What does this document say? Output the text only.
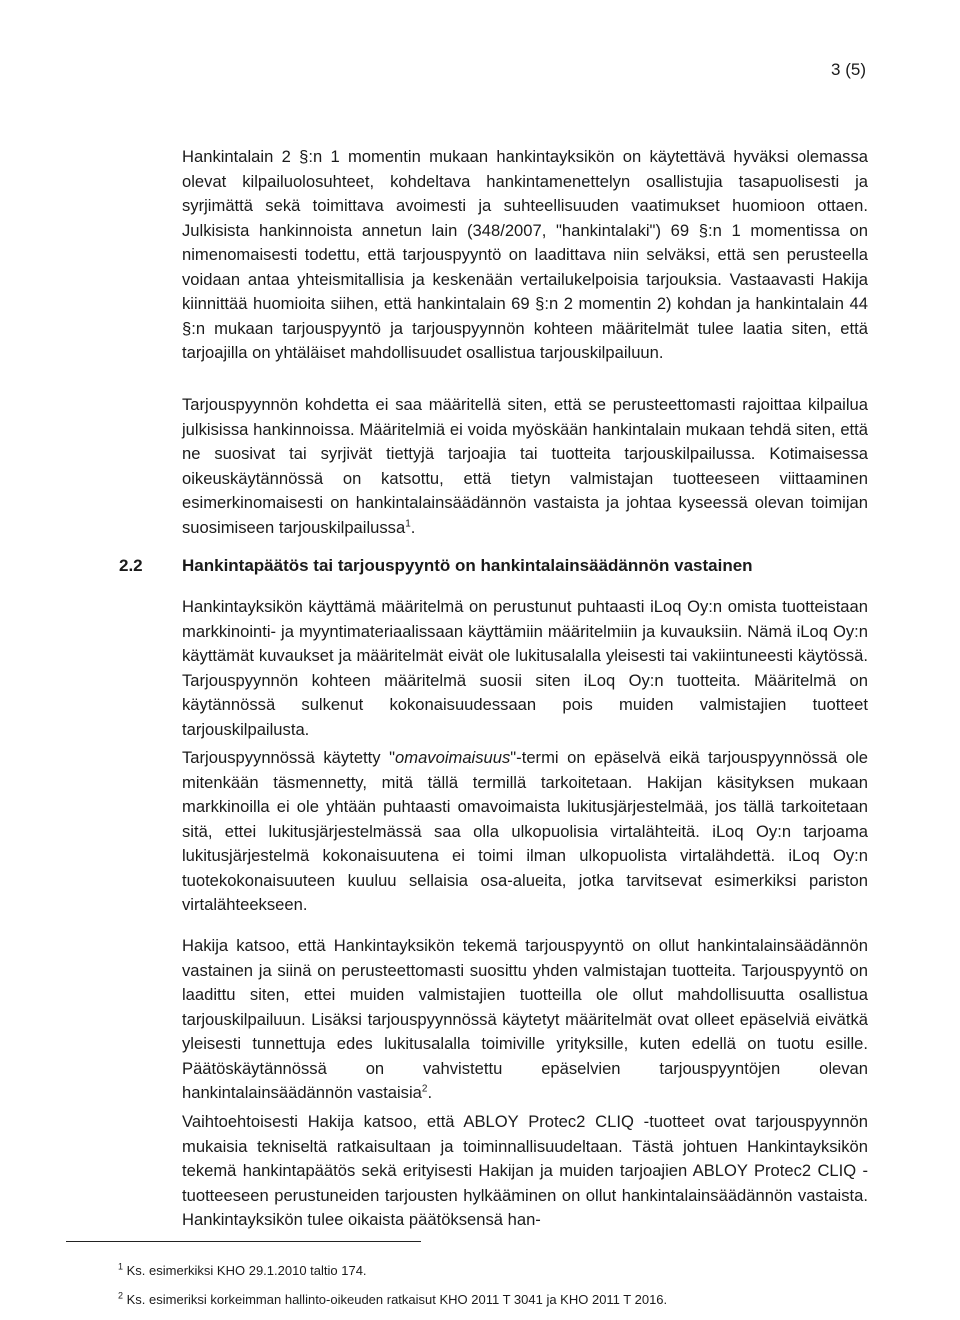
3 (5)

Hankintalain 2 §:n 1 momentin mukaan hankintayksikön on käytettävä hyväksi olemassa olevat kilpailuolosuhteet, kohdeltava hankintamenettelyn osallistujia tasapuolisesti ja syrjimättä sekä toimittava avoimesti ja suhteellisuuden vaatimukset huomioon ottaen. Julkisista hankinnoista annetun lain (348/2007, "hankintalaki") 69 §:n 1 momentissa on nimenomaisesti todettu, että tarjouspyyntö on laadittava niin selväksi, että sen perusteella voidaan antaa yhteismitallisia ja keskenään vertailukelpoisia tarjouksia. Vastaavasti Hakija kiinnittää huomioita siihen, että hankintalain 69 §:n 2 momentin 2) kohdan ja hankintalain 44 §:n mukaan tarjouspyyntö ja tarjouspyynnön kohteen määritelmät tulee laatia siten, että tarjoajilla on yhtäläiset mahdollisuudet osallistua tarjouskilpailuun.

Tarjouspyynnön kohdetta ei saa määritellä siten, että se perusteettomasti rajoittaa kilpailua julkisissa hankinnoissa. Määritelmiä ei voida myöskään hankintalain mukaan tehdä siten, että ne suosivat tai syrjivät tiettyjä tarjoajia tai tuotteita tarjouskilpailussa. Kotimaisessa oikeuskäytännössä on katsottu, että tietyn valmistajan tuotteeseen viittaaminen esimerkinomaisesti on hankintalainsäädännön vastaista ja johtaa kyseessä olevan toimijan suosimiseen tarjouskilpailussa$^1$.

2.2 Hankintapäätös tai tarjouspyyntö on hankintalainsäädännön vastainen

Hankintayksikön käyttämä määritelmä on perustunut puhtaasti iLoq Oy:n omista tuotteistaan markkinointi- ja myyntimateriaalissaan käyttämiin määritelmiin ja kuvauksiin. Nämä iLoq Oy:n käyttämät kuvaukset ja määritelmät eivät ole lukitusalalla yleisesti tai vakiintuneesti käytössä. Tarjouspyynnön kohteen määritelmä suosii siten iLoq Oy:n tuotteita. Määritelmä on käytännössä sulkenut kokonaisuudessaan pois muiden valmistajien tuotteet tarjouskilpailusta.

Tarjouspyynnössä käytetty "omavoimaisuus"-termi on epäselvä eikä tarjouspyynnössä ole mitenkään täsmennetty, mitä tällä termillä tarkoitetaan. Hakijan käsityksen mukaan markkinoilla ei ole yhtään puhtaasti omavoimaista lukitusjärjestelmää, jos tällä tarkoitetaan sitä, ettei lukitusjärjestelmässä saa olla ulkopuolisia virtalähteitä. iLoq Oy:n tarjoama lukitusjärjestelmä kokonaisuutena ei toimi ilman ulkopuolista virtalähdettä. iLoq Oy:n tuotekokonaisuuteen kuuluu sellaisia osa-alueita, jotka tarvitsevat esimerkiksi pariston virtalähteekseen.

Hakija katsoo, että Hankintayksikön tekemä tarjouspyyntö on ollut hankintalainsäädännön vastainen ja siinä on perusteettomasti suosittu yhden valmistajan tuotteita. Tarjouspyyntö on laadittu siten, ettei muiden valmistajien tuotteilla ole ollut mahdollisuutta osallistua tarjouskilpailuun. Lisäksi tarjouspyynnössä käytetyt määritelmät ovat olleet epäselviä eivätkä yleisesti tunnettuja edes lukitusalalla toimiville yrityksille, kuten edellä on tuotu esille. Päätöskäytännössä on vahvistettu epäselvien tarjouspyyntöjen olevan hankintalainsäädännön vastaisia$^2$.

Vaihtoehtoisesti Hakija katsoo, että ABLOY Protec2 CLIQ -tuotteet ovat tarjouspyynnön mukaisia tekniseltä ratkaisultaan ja toiminnallisuudeltaan. Tästä johtuen Hankintayksikön tekemä hankintapäätös sekä erityisesti Hakijan ja muiden tarjoajien ABLOY Protec2 CLIQ -tuotteeseen perustuneiden tarjousten hylkääminen on ollut hankintalainsäädännön vastaista. Hankintayksikön tulee oikaista päätöksensä han-

$^1$ Ks. esimerkiksi KHO 29.1.2010 taltio 174.
$^2$ Ks. esimeriksi korkeimman hallinto-oikeuden ratkaisut KHO 2011 T 3041 ja KHO 2011 T 2016.
